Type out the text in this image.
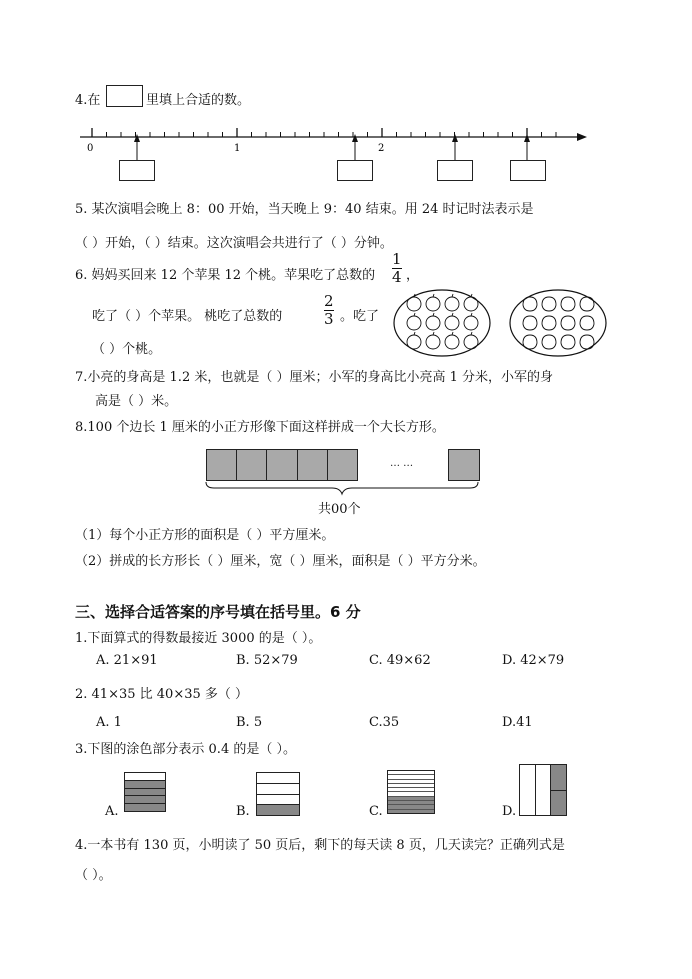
4.在	里填上合适的数。
0	1	2
5. 某次演唱会晚上 8：00 开始，当天晚上 9：40 结束。用 24 时记时法表示是
（ ）开始，（ ）结束。这次演唱会共进行了（ ）分钟。
6. 妈妈买回来 12 个苹果 12 个桃。苹果吃了总数的
1
4 ，
吃了（ ）个苹果。 桃吃了总数的
2
3 。吃了
（ ）个桃。
7.小亮的身高是 1.2 米，也就是（ ）厘米；小军的身高比小亮高 1 分米，小军的身
高是（ ）米。
8.100 个边长 1 厘米的小正方形像下面这样拼成一个大长方形。
… …
共00个
（1）每个小正方形的面积是（ ）平方厘米。
（2）拼成的长方形长（ ）厘米，宽（ ）厘米，面积是（ ）平方分米。
三、选择合适答案的序号填在括号里。6 分
1.下面算式的得数最接近 3000 的是（ ）。
A. 21×91	B. 52×79	C. 49×62	D. 42×79
2. 41×35 比 40×35 多（ ）
A. 1	B. 5	C.35	D.41
3.下图的涂色部分表示 0.4 的是（ ）。
A.	B.	C.	D.
4.一本书有 130 页，小明读了 50 页后，剩下的每天读 8 页，几天读完？正确列式是
（ ）。
